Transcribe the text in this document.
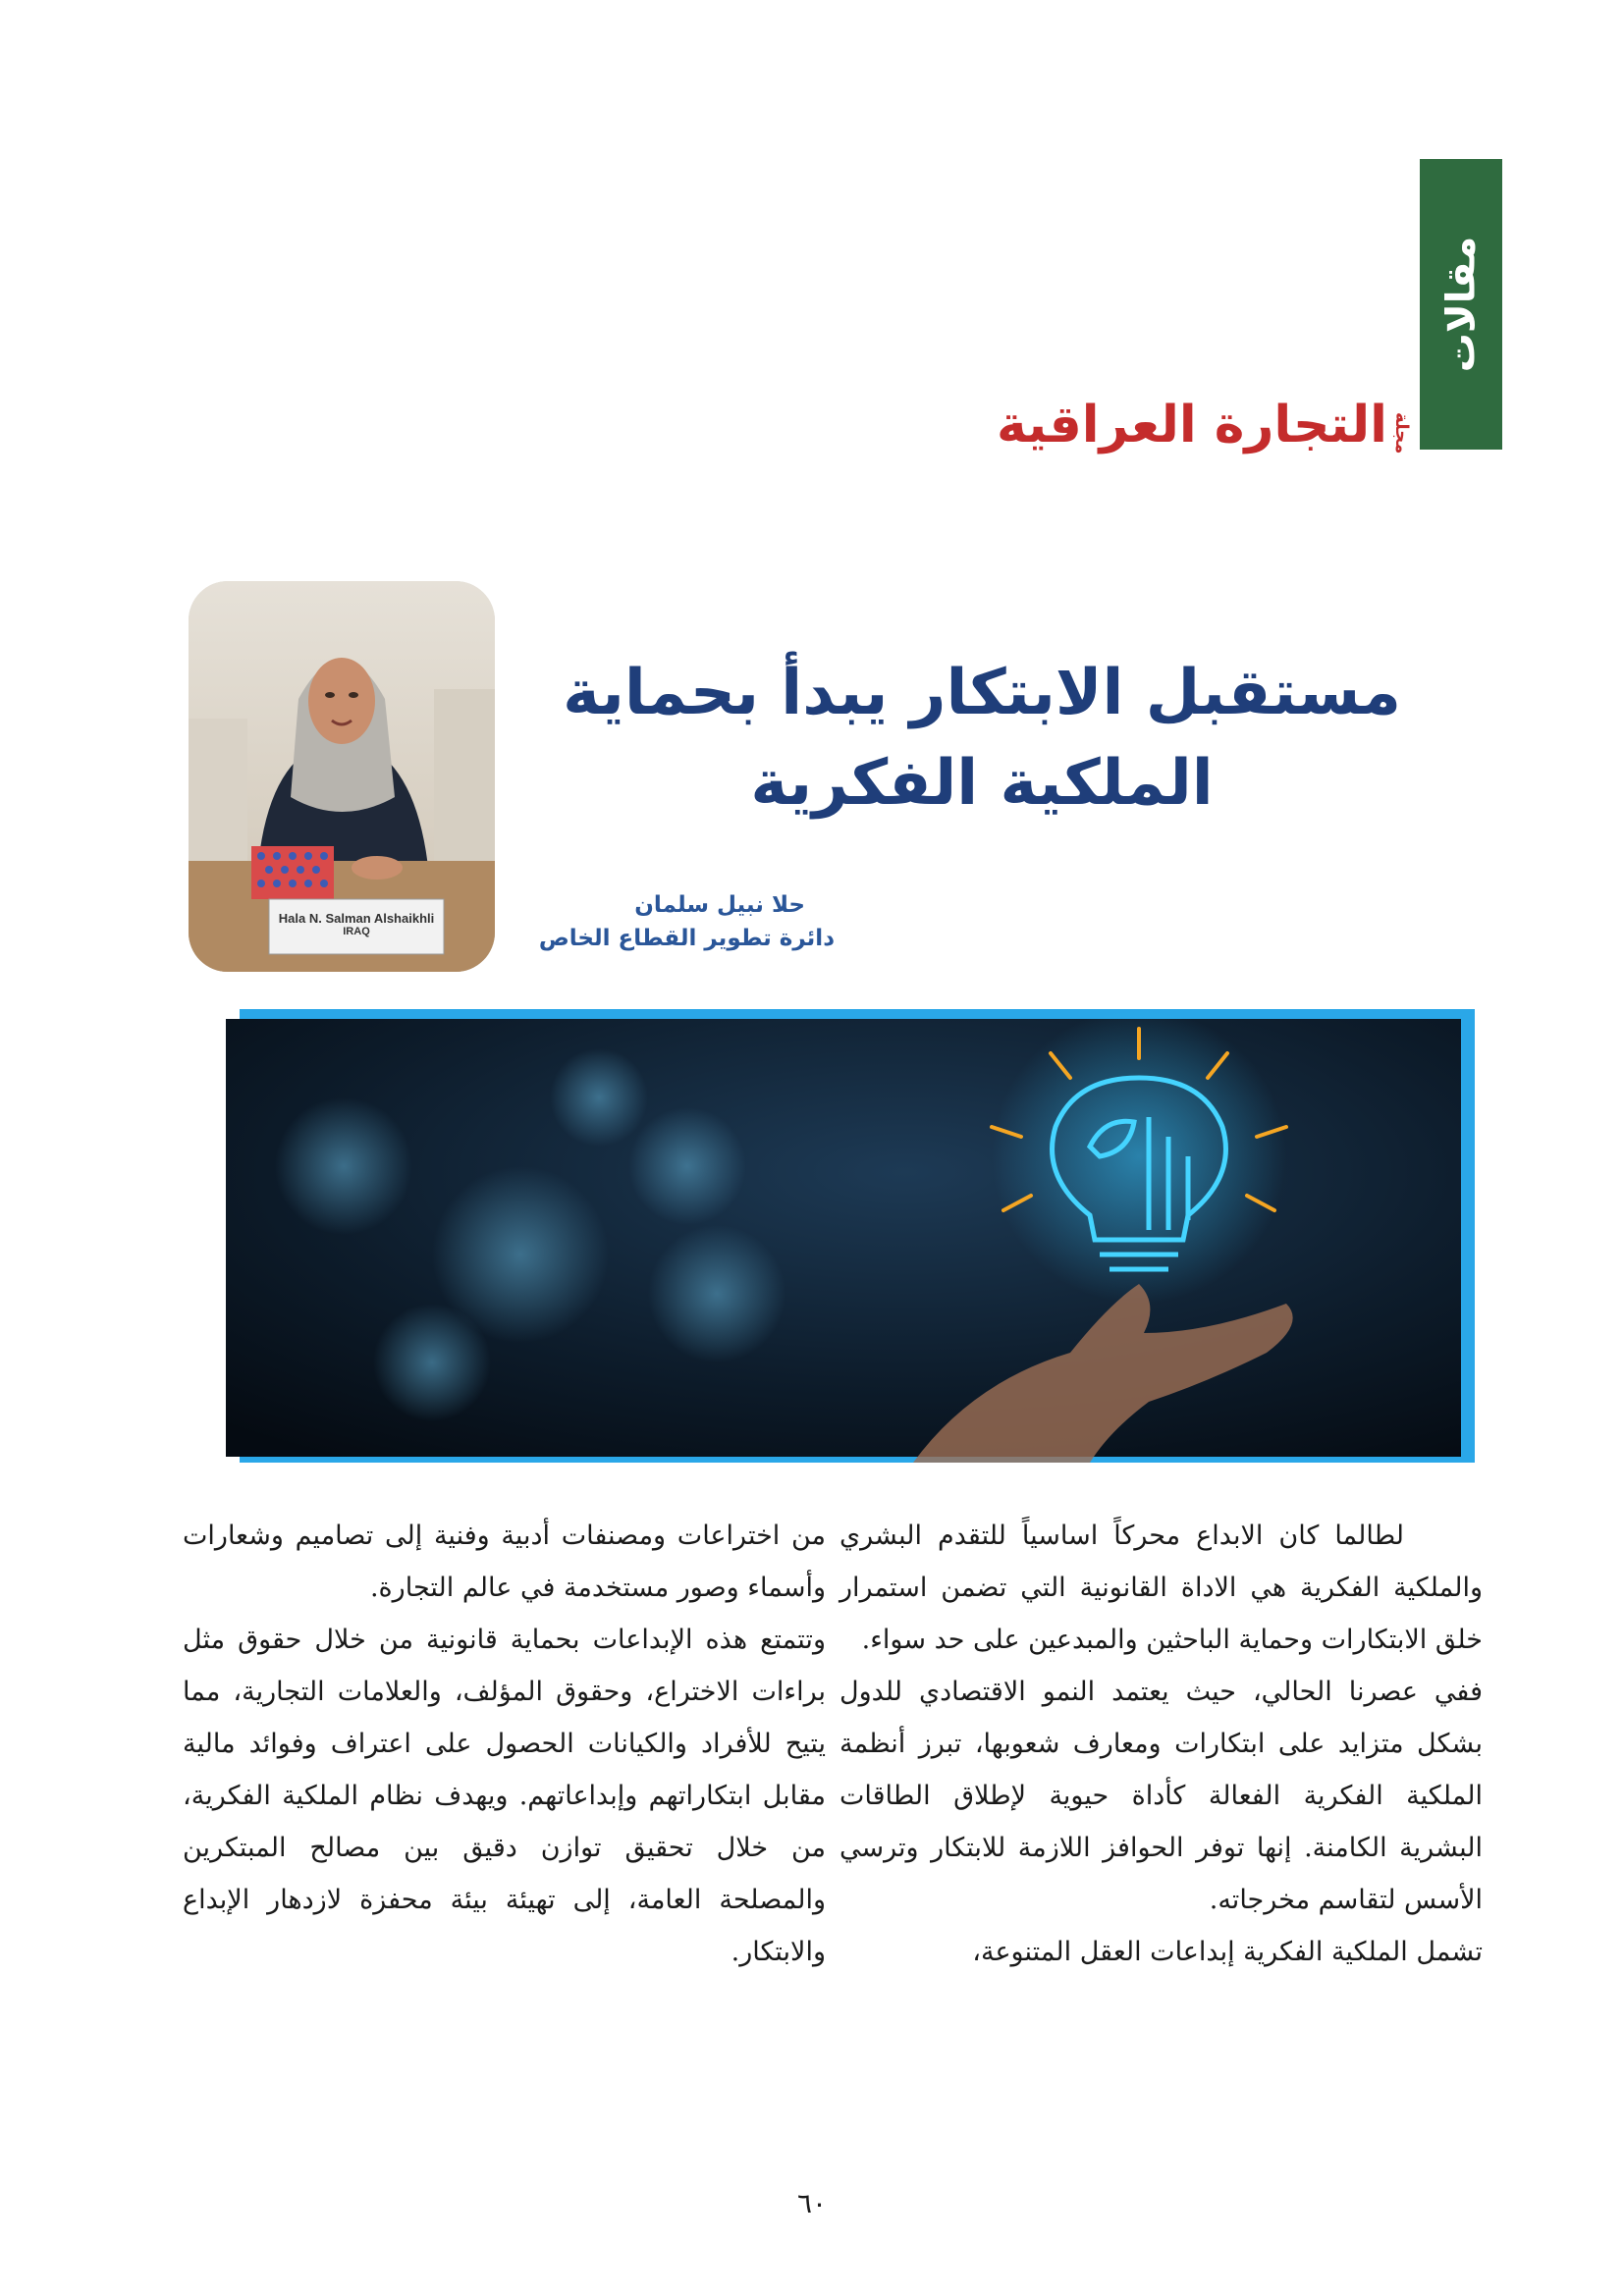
مقالات
مجلة
التجارة العراقية
Hala N. Salman Alshaikhli
IRAQ
مستقبل الابتكار يبدأ بحماية
الملكية الفكرية
حلا نبيل سلمان
دائرة تطوير القطاع الخاص

لطالما كان الابداع محركاً اساسياً للتقدم البشري والملكية الفكرية هي الاداة القانونية التي تضمن استمرار خلق الابتكارات وحماية الباحثين والمبدعين على حد سواء.

ففي عصرنا الحالي، حيث يعتمد النمو الاقتصادي للدول بشكل متزايد على ابتكارات ومعارف شعوبها، تبرز أنظمة الملكية الفكرية الفعالة كأداة حيوية لإطلاق الطاقات البشرية الكامنة. إنها توفر الحوافز اللازمة للابتكار وترسي الأسس لتقاسم مخرجاته.

تشمل الملكية الفكرية إبداعات العقل المتنوعة،

من اختراعات ومصنفات أدبية وفنية إلى تصاميم وشعارات وأسماء وصور مستخدمة في عالم التجارة.

وتتمتع هذه الإبداعات بحماية قانونية من خلال حقوق مثل براءات الاختراع، وحقوق المؤلف، والعلامات التجارية، مما يتيح للأفراد والكيانات الحصول على اعتراف وفوائد مالية مقابل ابتكاراتهم وإبداعاتهم. ويهدف نظام الملكية الفكرية، من خلال تحقيق توازن دقيق بين مصالح المبتكرين والمصلحة العامة، إلى تهيئة بيئة محفزة لازدهار الإبداع والابتكار.

٦٠
